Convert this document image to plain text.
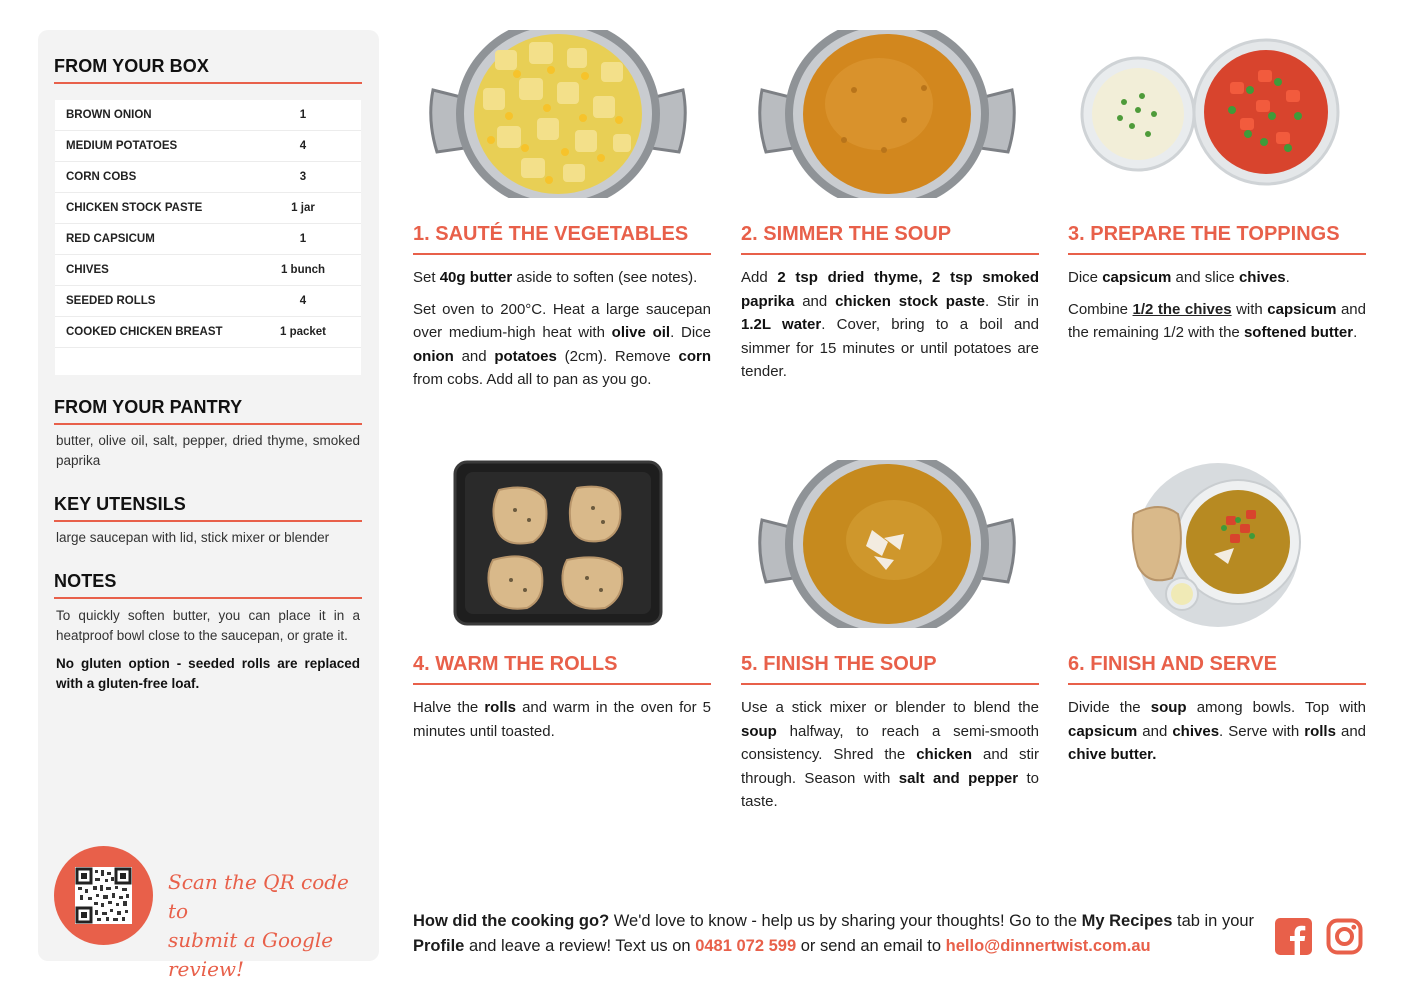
FROM YOUR BOX
BROWN ONION	1
MEDIUM POTATOES	4
CORN COBS	3
CHICKEN STOCK PASTE	1 jar
RED CAPSICUM	1
CHIVES	1 bunch
SEEDED ROLLS	4
COOKED CHICKEN BREAST	1 packet
FROM YOUR PANTRY
butter, olive oil, salt, pepper, dried thyme, smoked paprika
KEY UTENSILS
large saucepan with lid, stick mixer or blender
NOTES
To quickly soften butter, you can place it in a heatproof bowl close to the saucepan, or grate it.
No gluten option - seeded rolls are replaced with a gluten-free loaf.
Scan the QR code to
submit a Google review!
1. SAUTÉ THE VEGETABLES

Set 40g butter aside to soften (see notes).

Set oven to 200°C. Heat a large saucepan over medium-high heat with olive oil. Dice onion and potatoes (2cm). Remove corn from cobs. Add all to pan as you go.

2. SIMMER THE SOUP

Add 2 tsp dried thyme, 2 tsp smoked paprika and chicken stock paste. Stir in 1.2L water. Cover, bring to a boil and simmer for 15 minutes or until potatoes are tender.

3. PREPARE THE TOPPINGS

Dice capsicum and slice chives.

Combine 1/2 the chives with capsicum and the remaining 1/2 with the softened butter.

4. WARM THE ROLLS

Halve the rolls and warm in the oven for 5 minutes until toasted.

5. FINISH THE SOUP

Use a stick mixer or blender to blend the soup halfway, to reach a semi-smooth consistency. Shred the chicken and stir through. Season with salt and pepper to taste.

6. FINISH AND SERVE

Divide the soup among bowls. Top with capsicum and chives. Serve with rolls and chive butter.

How did the cooking go? We'd love to know - help us by sharing your thoughts! Go to the My Recipes tab in your Profile and leave a review! Text us on 0481 072 599 or send an email to hello@dinnertwist.com.au
